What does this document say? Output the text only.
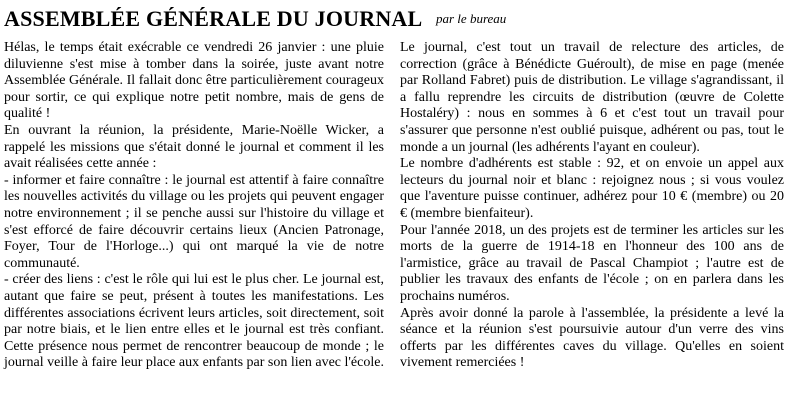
ASSEMBLÉE GÉNÉRALE DU JOURNAL par le bureau

Hélas, le temps était exécrable ce vendredi 26 janvier : une pluie diluvienne s'est mise à tomber dans la soirée, juste avant notre Assemblée Générale. Il fallait donc être particulièrement courageux pour sortir, ce qui explique notre petit nombre, mais de gens de qualité !

En ouvrant la réunion, la présidente, Marie-Noëlle Wicker, a rappelé les missions que s'était donné le journal et comment il les avait réalisées cette année :

- informer et faire connaître : le journal est attentif à faire connaître les nouvelles activités du village ou les projets qui peuvent engager notre environnement ; il se penche aussi sur l'histoire du village et s'est efforcé de faire découvrir certains lieux (Ancien Patronage, Foyer, Tour de l'Horloge...) qui ont marqué la vie de notre communauté.

- créer des liens : c'est le rôle qui lui est le plus cher. Le journal est, autant que faire se peut, présent à toutes les manifestations. Les différentes associations écrivent leurs articles, soit directement, soit par notre biais, et le lien entre elles et le journal est très confiant. Cette présence nous permet de rencontrer beaucoup de monde ; le journal veille à faire leur place aux enfants par son lien avec l'école.

Le journal, c'est tout un travail de relecture des articles, de correction (grâce à Bénédicte Guéroult), de mise en page (menée par Rolland Fabret) puis de distribution. Le village s'agrandissant, il a fallu reprendre les circuits de distribution (œuvre de Colette Hostaléry) : nous en sommes à 6 et c'est tout un travail pour s'assurer que personne n'est oublié puisque, adhérent ou pas, tout le monde a un journal (les adhérents l'ayant en couleur).

Le nombre d'adhérents est stable : 92, et on envoie un appel aux lecteurs du journal noir et blanc : rejoignez nous ; si vous voulez que l'aventure puisse continuer, adhérez pour 10 € (membre) ou 20 € (membre bienfaiteur).

Pour l'année 2018, un des projets est de terminer les articles sur les morts de la guerre de 1914-18 en l'honneur des 100 ans de l'armistice, grâce au travail de Pascal Champiot ; l'autre est de publier les travaux des enfants de l'école ; on en parlera dans les prochains numéros.

Après avoir donné la parole à l'assemblée, la présidente a levé la séance et la réunion s'est poursuivie autour d'un verre des vins offerts par les différentes caves du village. Qu'elles en soient vivement remerciées !
